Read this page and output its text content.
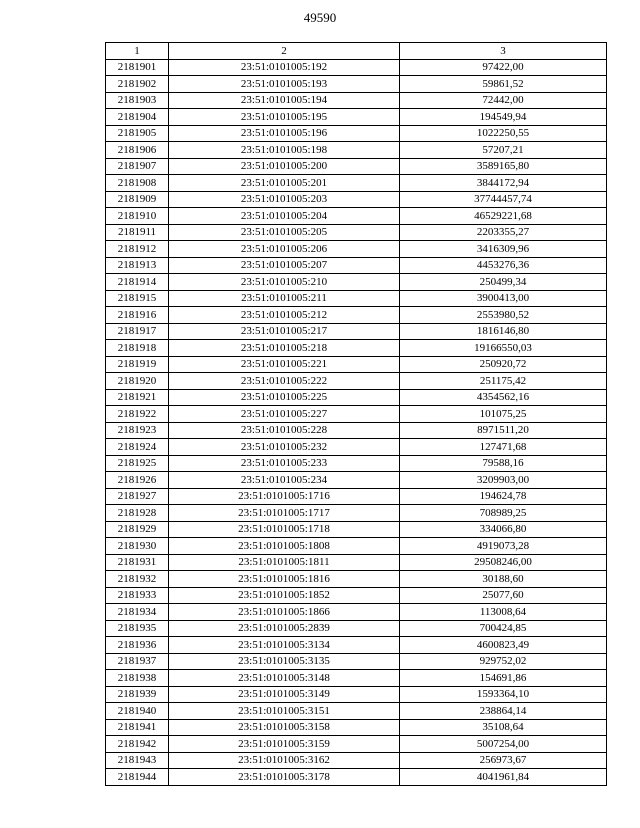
49590
1	2	3
2181901	23:51:0101005:192	97422,00
2181902	23:51:0101005:193	59861,52
2181903	23:51:0101005:194	72442,00
2181904	23:51:0101005:195	194549,94
2181905	23:51:0101005:196	1022250,55
2181906	23:51:0101005:198	57207,21
2181907	23:51:0101005:200	3589165,80
2181908	23:51:0101005:201	3844172,94
2181909	23:51:0101005:203	37744457,74
2181910	23:51:0101005:204	46529221,68
2181911	23:51:0101005:205	2203355,27
2181912	23:51:0101005:206	3416309,96
2181913	23:51:0101005:207	4453276,36
2181914	23:51:0101005:210	250499,34
2181915	23:51:0101005:211	3900413,00
2181916	23:51:0101005:212	2553980,52
2181917	23:51:0101005:217	1816146,80
2181918	23:51:0101005:218	19166550,03
2181919	23:51:0101005:221	250920,72
2181920	23:51:0101005:222	251175,42
2181921	23:51:0101005:225	4354562,16
2181922	23:51:0101005:227	101075,25
2181923	23:51:0101005:228	8971511,20
2181924	23:51:0101005:232	127471,68
2181925	23:51:0101005:233	79588,16
2181926	23:51:0101005:234	3209903,00
2181927	23:51:0101005:1716	194624,78
2181928	23:51:0101005:1717	708989,25
2181929	23:51:0101005:1718	334066,80
2181930	23:51:0101005:1808	4919073,28
2181931	23:51:0101005:1811	29508246,00
2181932	23:51:0101005:1816	30188,60
2181933	23:51:0101005:1852	25077,60
2181934	23:51:0101005:1866	113008,64
2181935	23:51:0101005:2839	700424,85
2181936	23:51:0101005:3134	4600823,49
2181937	23:51:0101005:3135	929752,02
2181938	23:51:0101005:3148	154691,86
2181939	23:51:0101005:3149	1593364,10
2181940	23:51:0101005:3151	238864,14
2181941	23:51:0101005:3158	35108,64
2181942	23:51:0101005:3159	5007254,00
2181943	23:51:0101005:3162	256973,67
2181944	23:51:0101005:3178	4041961,84
